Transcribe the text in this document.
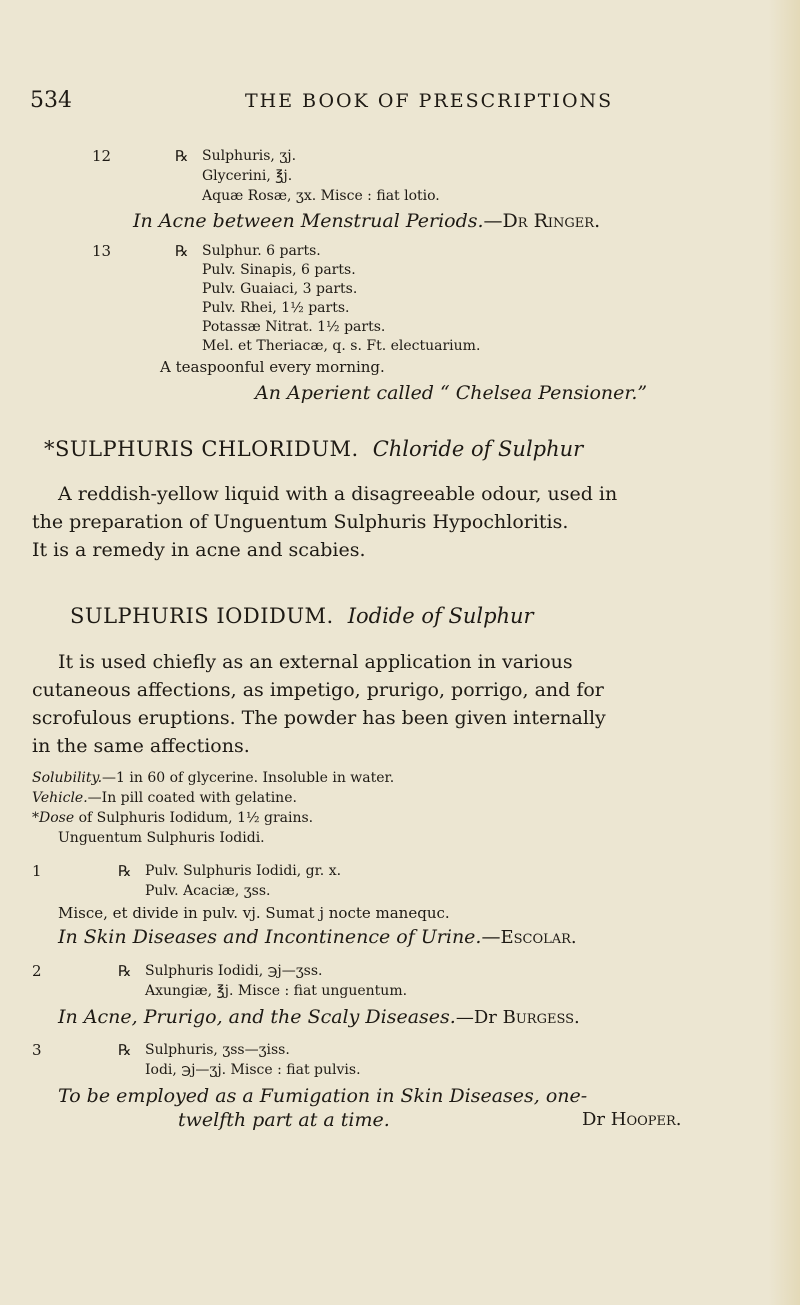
534	THE BOOK OF PRESCRIPTIONS
12	℞ Sulphuris, ʒj.
Glycerini, ℥j.
Aquæ Rosæ, ʒx. Misce : fiat lotio.
In Acne between Menstrual Periods.—Dr Ringer.
13	℞ Sulphur. 6 parts.
Pulv. Sinapis, 6 parts.
Pulv. Guaiaci, 3 parts.
Pulv. Rhei, 1½ parts.
Potassæ Nitrat. 1½ parts.
Mel. et Theriacæ, q. s. Ft. electuarium.
A teaspoonful every morning.
An Aperient called “ Chelsea Pensioner.”
*SULPHURIS CHLORIDUM. Chloride of Sulphur
A reddish-yellow liquid with a disagreeable odour, used in
the preparation of Unguentum Sulphuris Hypochloritis.
It is a remedy in acne and scabies.
SULPHURIS IODIDUM. Iodide of Sulphur
It is used chiefly as an external application in various
cutaneous affections, as impetigo, prurigo, porrigo, and for
scrofulous eruptions. The powder has been given internally
in the same affections.
Solubility.—1 in 60 of glycerine. Insoluble in water.
Vehicle.—In pill coated with gelatine.
*Dose of Sulphuris Iodidum, 1½ grains.
Unguentum Sulphuris Iodidi.
1	℞ Pulv. Sulphuris Iodidi, gr. x.
Pulv. Acaciæ, ʒss.
Misce, et divide in pulv. vj. Sumat j nocte manequc.
In Skin Diseases and Incontinence of Urine.—Escolar.
2	℞ Sulphuris Iodidi, ℈j—ʒss.
Axungiæ, ℥j. Misce : fiat unguentum.
In Acne, Prurigo, and the Scaly Diseases.—Dr Burgess.
3	℞ Sulphuris, ʒss—ʒiss.
Iodi, ℈j—ʒj. Misce : fiat pulvis.
To be employed as a Fumigation in Skin Diseases, one-
twelfth part at a time.	Dr Hooper.
